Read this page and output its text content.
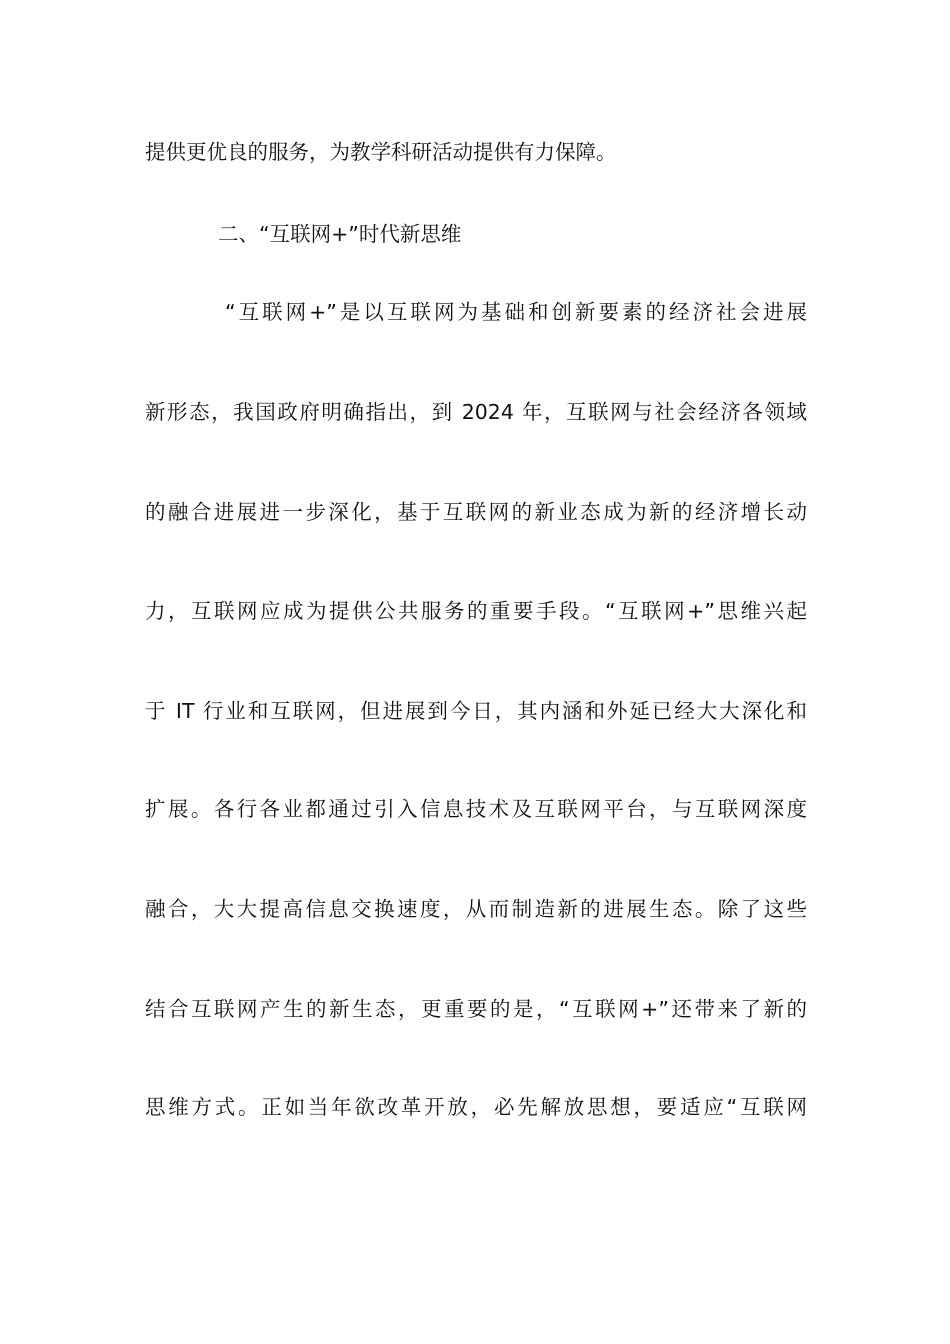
提供更优良的服务，为教学科研活动提供有力保障。
二、“互联网+”时代新思维
“互联网+”是以互联网为基础和创新要素的经济社会进展
新形态，我国政府明确指出，到 2024 年，互联网与社会经济各领域
的融合进展进一步深化，基于互联网的新业态成为新的经济增长动
力，互联网应成为提供公共服务的重要手段。“互联网+”思维兴起
于 IT 行业和互联网，但进展到今日，其内涵和外延已经大大深化和
扩展。各行各业都通过引入信息技术及互联网平台，与互联网深度
融合，大大提高信息交换速度，从而制造新的进展生态。除了这些
结合互联网产生的新生态，更重要的是，“互联网+”还带来了新的
思维方式。正如当年欲改革开放，必先解放思想，要适应“互联网
